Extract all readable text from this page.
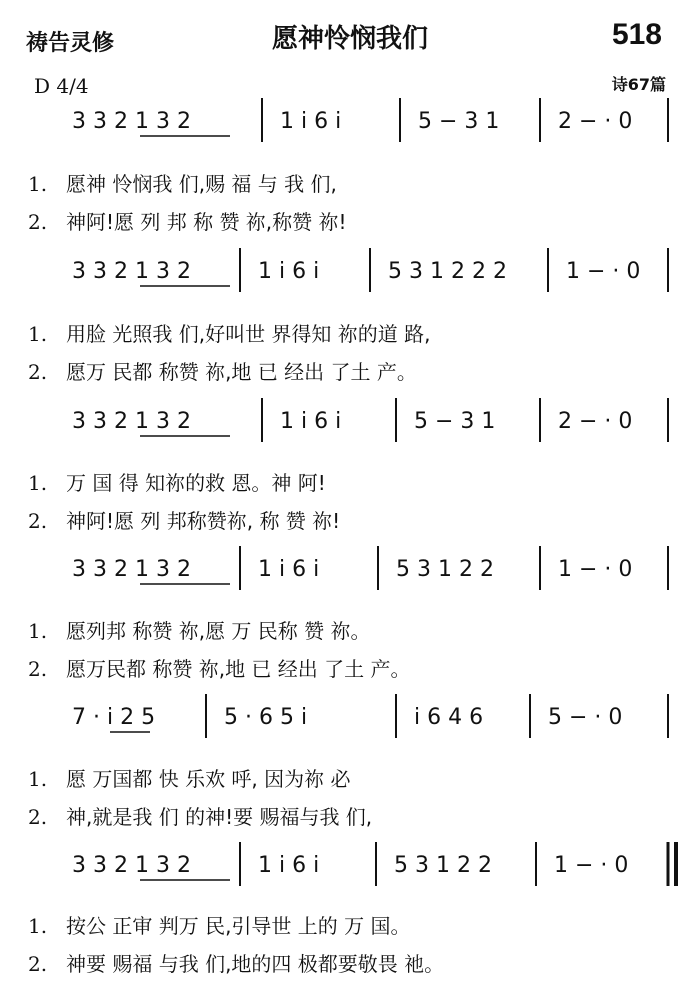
祷告灵修	愿神怜悯我们	518
D 4/4	诗67篇
3 3 2 1 3 2	1 i 6 i	5 − 3 1	2 − · 0
3 3 2 1 3 2	1 i 6 i	5 3 1 2 2 2	1 − · 0
3 3 2 1 3 2	1 i 6 i	5 − 3 1	2 − · 0
3 3 2 1 3 2	1 i 6 i	5 3 1 2 2	1 − · 0
7 · i 2 5	5 · 6 5 i	i 6 4 6	5 − · 0
3 3 2 1 3 2	1 i 6 i	5 3 1 2 2	1 − · 0
1. 愿神 怜悯我 们,赐 福 与 我 们,
2. 神阿!愿 列 邦 称 赞 祢,称赞 祢!
1. 用脸 光照我 们,好叫世 界得知 祢的道 路,
2. 愿万 民都 称赞 祢,地 已 经出 了土 产。
1. 万 国 得 知祢的救 恩。神 阿!
2. 神阿!愿 列 邦称赞祢, 称 赞 祢!
1. 愿列邦 称赞 祢,愿 万 民称 赞 祢。
2. 愿万民都 称赞 祢,地 已 经出 了土 产。
1. 愿 万国都 快 乐欢 呼, 因为祢 必
2. 神,就是我 们 的神!要 赐福与我 们,
1. 按公 正审 判万 民,引导世 上的 万 国。
2. 神要 赐福 与我 们,地的四 极都要敬畏 祂。
